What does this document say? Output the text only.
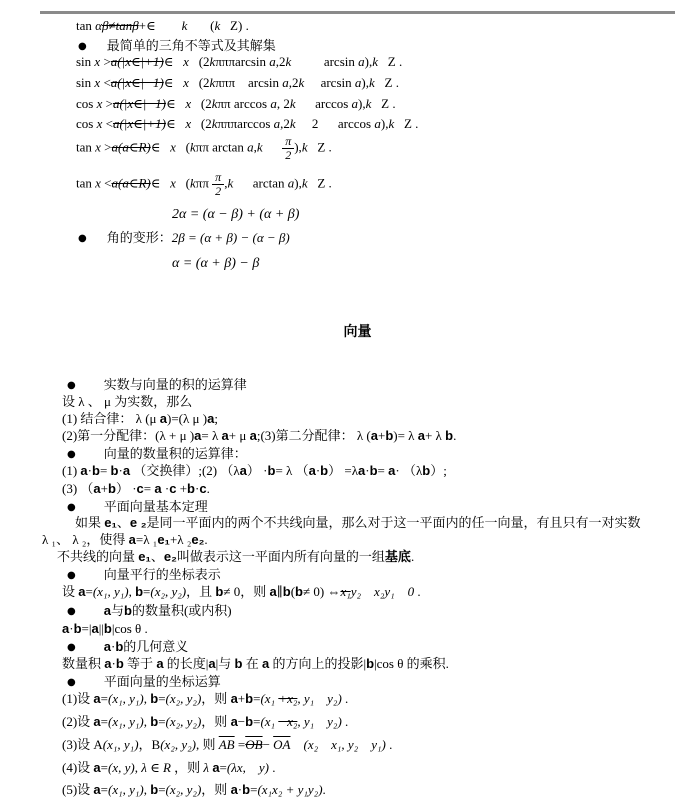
向量
tan αβ≠tanβ+∈        k       (k   Z) .
● 最简单的三角不等式及其解集
sin x >a(|x∈|+1)∈   x   (2kπππarcsin a,2k          arcsin a),k   Z .
sin x <a(|x∈|−1)∈   x   (2kπππ    arcsin a,2k     arcsin a),k   Z .
cos x >a(|x∈|−1)∈   x   (2kππ arccos a, 2k      arccos a),k   Z .
cos x <a(|x∈|+1)∈   x   (2kπππarccos a,2k     2      arccos a),k   Z .
tan x >a(a∈R)∈   x   (kππ $\arctan a,k \frac{\pi}{2} ),k$   Z .
tan x <a(a∈R)∈   x   ($k\pi\pi \frac{\pi}{2} ,k$      arctan a),k   Z .
2α = (α − β) + (α + β)
● 角的变形：2β = (α + β) − (α − β)
α = (α + β) − β
● 实数与向量的积的运算律
设 λ 、 μ 为实数，那么
(1) 结合律： λ (μ a)=(λ μ )a;
(2)第一分配律：(λ + μ )a= λ a+ μ a;(3)第二分配律： λ (a+b)= λ a+ λ b.
● 向量的数量积的运算律：
(1) a·b= b·a （交换律）;(2) （λa） ·b= λ （a·b） =λa·b= a· （λb）;
(3) （a+b） ·c= a ·c +b·c.
● 平面向量基本定理
如果 e₁、e ₂是同一平面内的两个不共线向量，那么对于这一平面内的任一向量，有且只有一对实数
λ ₁、 λ ₂，使得 a=λ ₁e₁+λ ₂e₂.
不共线的向量 e₁、e₂叫做表示这一平面内所有向量的一组基底.
● 向量平行的坐标表示
设 a=(x₁, y₁), b=(x₂, y₂)，且 b≠ 0，则 a∥b(b≠ 0) ⇔x₁y₂    x₂y₁    0 .
● a与b的数量积(或内积)
a·b=|a||b|cos θ .
● a·b的几何意义
数量积 a·b 等于 a 的长度|a|与 b 在 a 的方向上的投影|b|cos θ 的乘积.
● 平面向量的坐标运算
(1)设 a=(x₁, y₁), b=(x₂, y₂)，则 a+b=(x₁ +x₂, y₁    y₂) .
(2)设 a=(x₁, y₁), b=(x₂, y₂)，则 a−b=(x₁ −x₂, y₁    y₂) .
(3)设 A(x₁, y₁)，B(x₂, y₂), 则 $\overline{AB} =OB- \overline{OA}$ (x₂    x₁, y₂    y₁) .
(4)设 a=(x, y), λ ∈ R ，则 λ a=(λx,    y) .
(5)设 a=(x₁, y₁), b=(x₂, y₂)，则 a·b=(x₁x₂ + y₁y₂).
